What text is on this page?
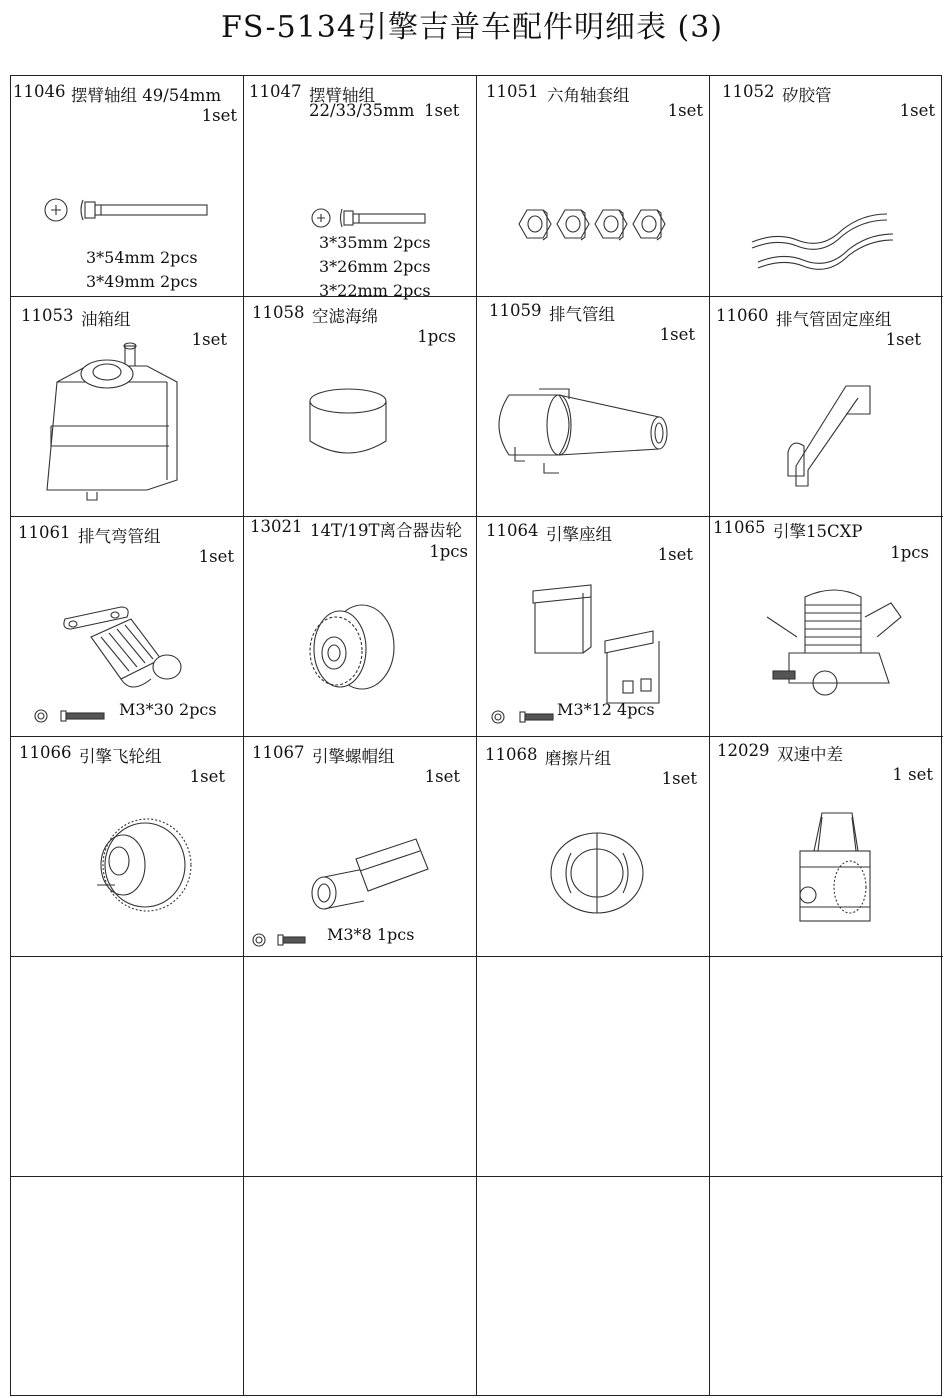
FS-5134引擎吉普车配件明细表 (3)
11046 摆臂轴组 49/54mm
1set
3*54mm 2pcs
3*49mm 2pcs
11047 摆臂轴组
22/33/35mm 1set
3*35mm 2pcs
3*26mm 2pcs
3*22mm 2pcs
11051 六角轴套组
1set
11052 矽胶管
1set
11053 油箱组
1set
11058 空滤海绵
1pcs
11059 排气管组
1set
11060 排气管固定座组
1set
11061 排气弯管组
1set
M3*30 2pcs
13021 14T/19T离合器齿轮
1pcs
11064 引擎座组
1set
M3*12 4pcs
11065 引擎15CXP
1pcs
11066 引擎飞轮组
1set
11067 引擎螺帽组
1set
M3*8 1pcs
11068 磨擦片组
1set
12029 双速中差
1 set
